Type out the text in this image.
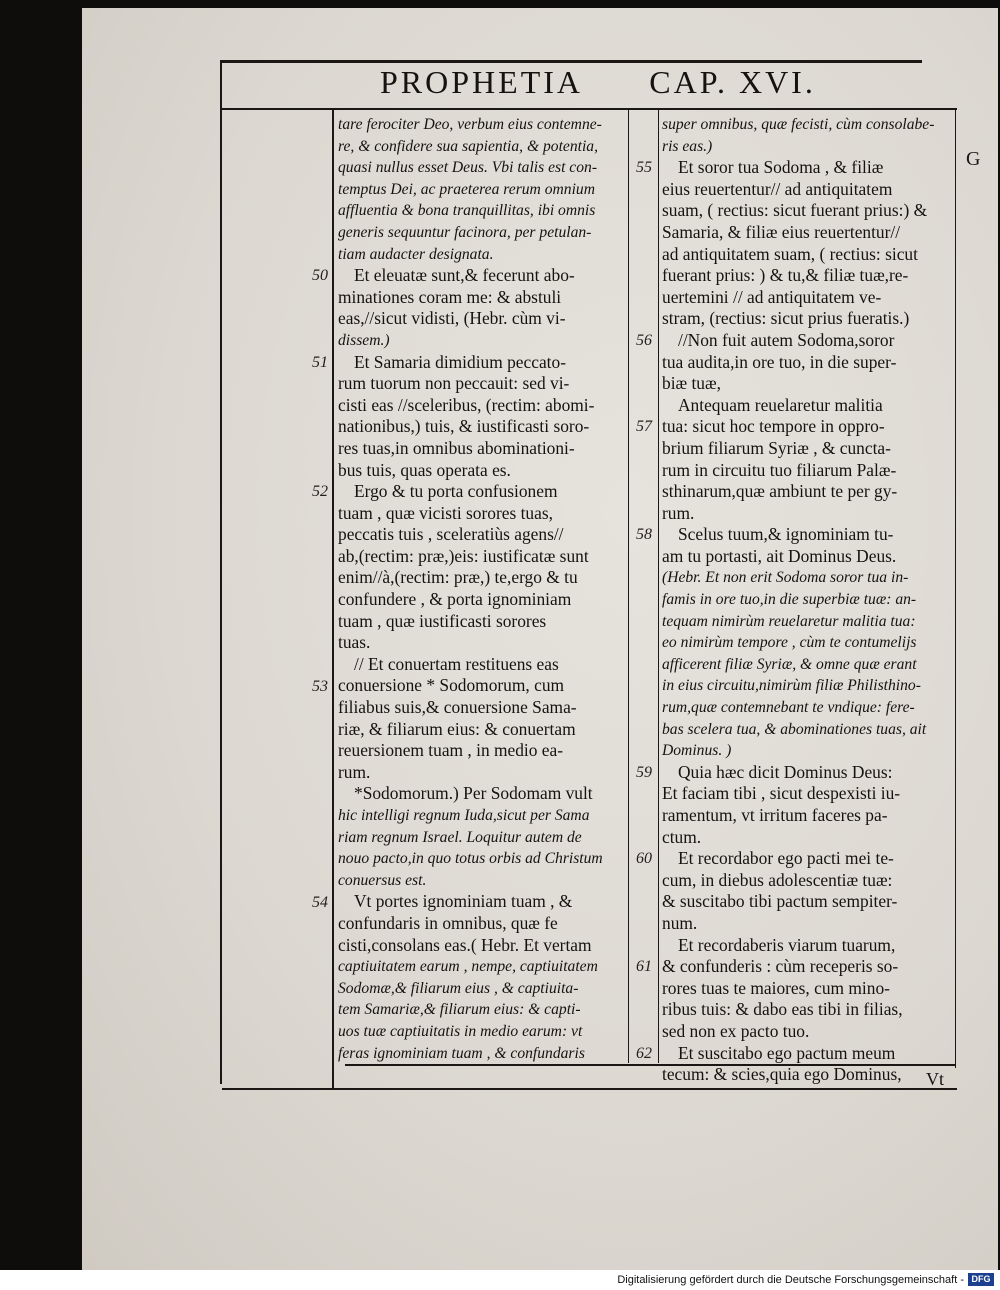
PROPHETIA CAP. XVI.
tare ferociter Deo, verbum eius contemne-
re, & confidere sua sapientia, & potentia,
quasi nullus esset Deus. Vbi talis est con-
temptus Dei, ac praeterea rerum omnium
affluentia & bona tranquillitas, ibi omnis
generis sequuntur facinora, per petulan-
tiam audacter designata.
Et eleuatæ sunt,& fecerunt abo-
minationes coram me: & abstuli
eas,//sicut vidisti, (Hebr. cùm vi-
dissem.)
Et Samaria dimidium peccato-
rum tuorum non peccauit: sed vi-
cisti eas //sceleribus, (rectim: abomi-
nationibus,) tuis, & iustificasti soro-
res tuas,in omnibus abominationi-
bus tuis, quas operata es.
Ergo & tu porta confusionem
tuam , quæ vicisti sorores tuas,
peccatis tuis , sceleratiùs agens//
ab,(rectim: præ,)eis: iustificatæ sunt
enim//à,(rectim: præ,) te,ergo & tu
confundere , & porta ignominiam
tuam , quæ iustificasti sorores
tuas.
// Et conuertam restituens eas
conuersione * Sodomorum, cum
filiabus suis,& conuersione Sama-
riæ, & filiarum eius: & conuertam
reuersionem tuam , in medio ea-
rum.
*Sodomorum.) Per Sodomam vult
hic intelligi regnum Iuda,sicut per Sama
riam regnum Israel. Loquitur autem de
nouo pacto,in quo totus orbis ad Christum
conuersus est.
Vt portes ignominiam tuam , &
confundaris in omnibus, quæ fe
cisti,consolans eas.( Hebr. Et vertam
captiuitatem earum , nempe, captiuitatem
Sodomæ,& filiarum eius , & captiuita-
tem Samariæ,& filiarum eius: & capti-
uos tuæ captiuitatis in medio earum: vt
feras ignominiam tuam , & confundaris
super omnibus, quæ fecisti, cùm consolabe-
ris eas.)
Et soror tua Sodoma , & filiæ
eius reuertentur// ad antiquitatem
suam, ( rectius: sicut fuerant prius:) &
Samaria, & filiæ eius reuertentur//
ad antiquitatem suam, ( rectius: sicut
fuerant prius: ) & tu,& filiæ tuæ,re-
uertemini // ad antiquitatem ve-
stram, (rectius: sicut prius fueratis.)
//Non fuit autem Sodoma,soror
tua audita,in ore tuo, in die super-
biæ tuæ,
Antequam reuelaretur malitia
tua: sicut hoc tempore in oppro-
brium filiarum Syriæ , & cuncta-
rum in circuitu tuo filiarum Palæ-
sthinarum,quæ ambiunt te per gy-
rum.
Scelus tuum,& ignominiam tu-
am tu portasti, ait Dominus Deus.
(Hebr. Et non erit Sodoma soror tua in-
famis in ore tuo,in die superbiæ tuæ: an-
tequam nimirùm reuelaretur malitia tua:
eo nimirùm tempore , cùm te contumelijs
afficerent filiæ Syriæ, & omne quæ erant
in eius circuitu,nimirùm filiæ Philisthino-
rum,quæ contemnebant te vndique: fere-
bas scelera tua, & abominationes tuas, ait
Dominus. )
Quia hæc dicit Dominus Deus:
Et faciam tibi , sicut despexisti iu-
ramentum, vt irritum faceres pa-
ctum.
Et recordabor ego pacti mei te-
cum, in diebus adolescentiæ tuæ:
& suscitabo tibi pactum sempiter-
num.
Et recordaberis viarum tuarum,
& confunderis : cùm receperis so-
rores tuas te maiores, cum mino-
ribus tuis: & dabo eas tibi in filias,
sed non ex pacto tuo.
Et suscitabo ego pactum meum
tecum: & scies,quia ego Dominus,
50
51
52
53
54
55
56
57
58
59
60
61
62
G
Vt
Digitalisierung gefördert durch die Deutsche Forschungsgemeinschaft - DFG
